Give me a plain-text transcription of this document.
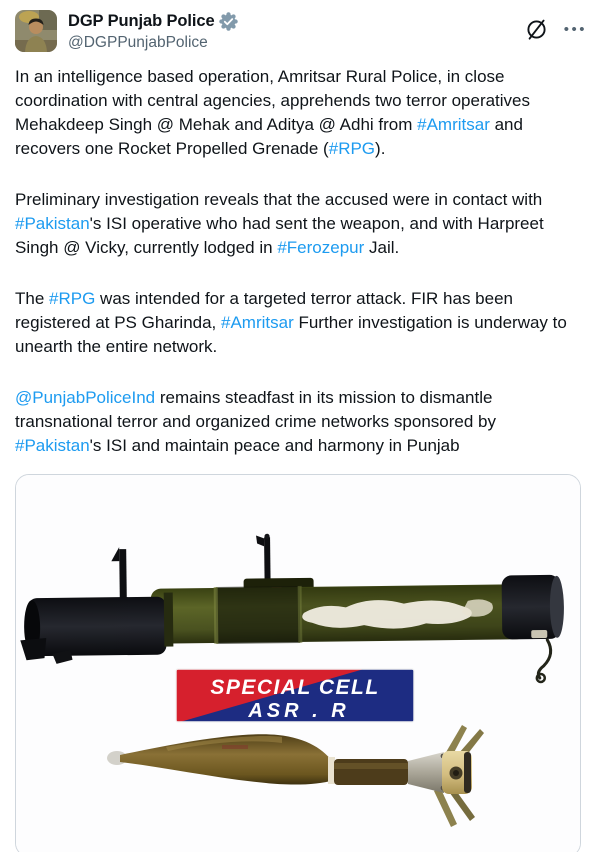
DGP Punjab Police
@DGPPunjabPolice
•••

In an intelligence based operation, Amritsar Rural Police, in close coordination with central agencies, apprehends two terror operatives Mehakdeep Singh @ Mehak and Aditya @ Adhi from #Amritsar and recovers one Rocket Propelled Grenade (#RPG).

Preliminary investigation reveals that the accused were in contact with #Pakistan's ISI operative who had sent the weapon, and with Harpreet Singh @ Vicky, currently lodged in #Ferozepur Jail.

The #RPG was intended for a targeted terror attack. FIR has been registered at PS Gharinda, #Amritsar Further investigation is underway to unearth the entire network.

@PunjabPoliceInd remains steadfast in its mission to dismantle transnational terror and organized crime networks sponsored by #Pakistan's ISI and maintain peace and harmony in Punjab

SPECIAL CELL
ASR . R
